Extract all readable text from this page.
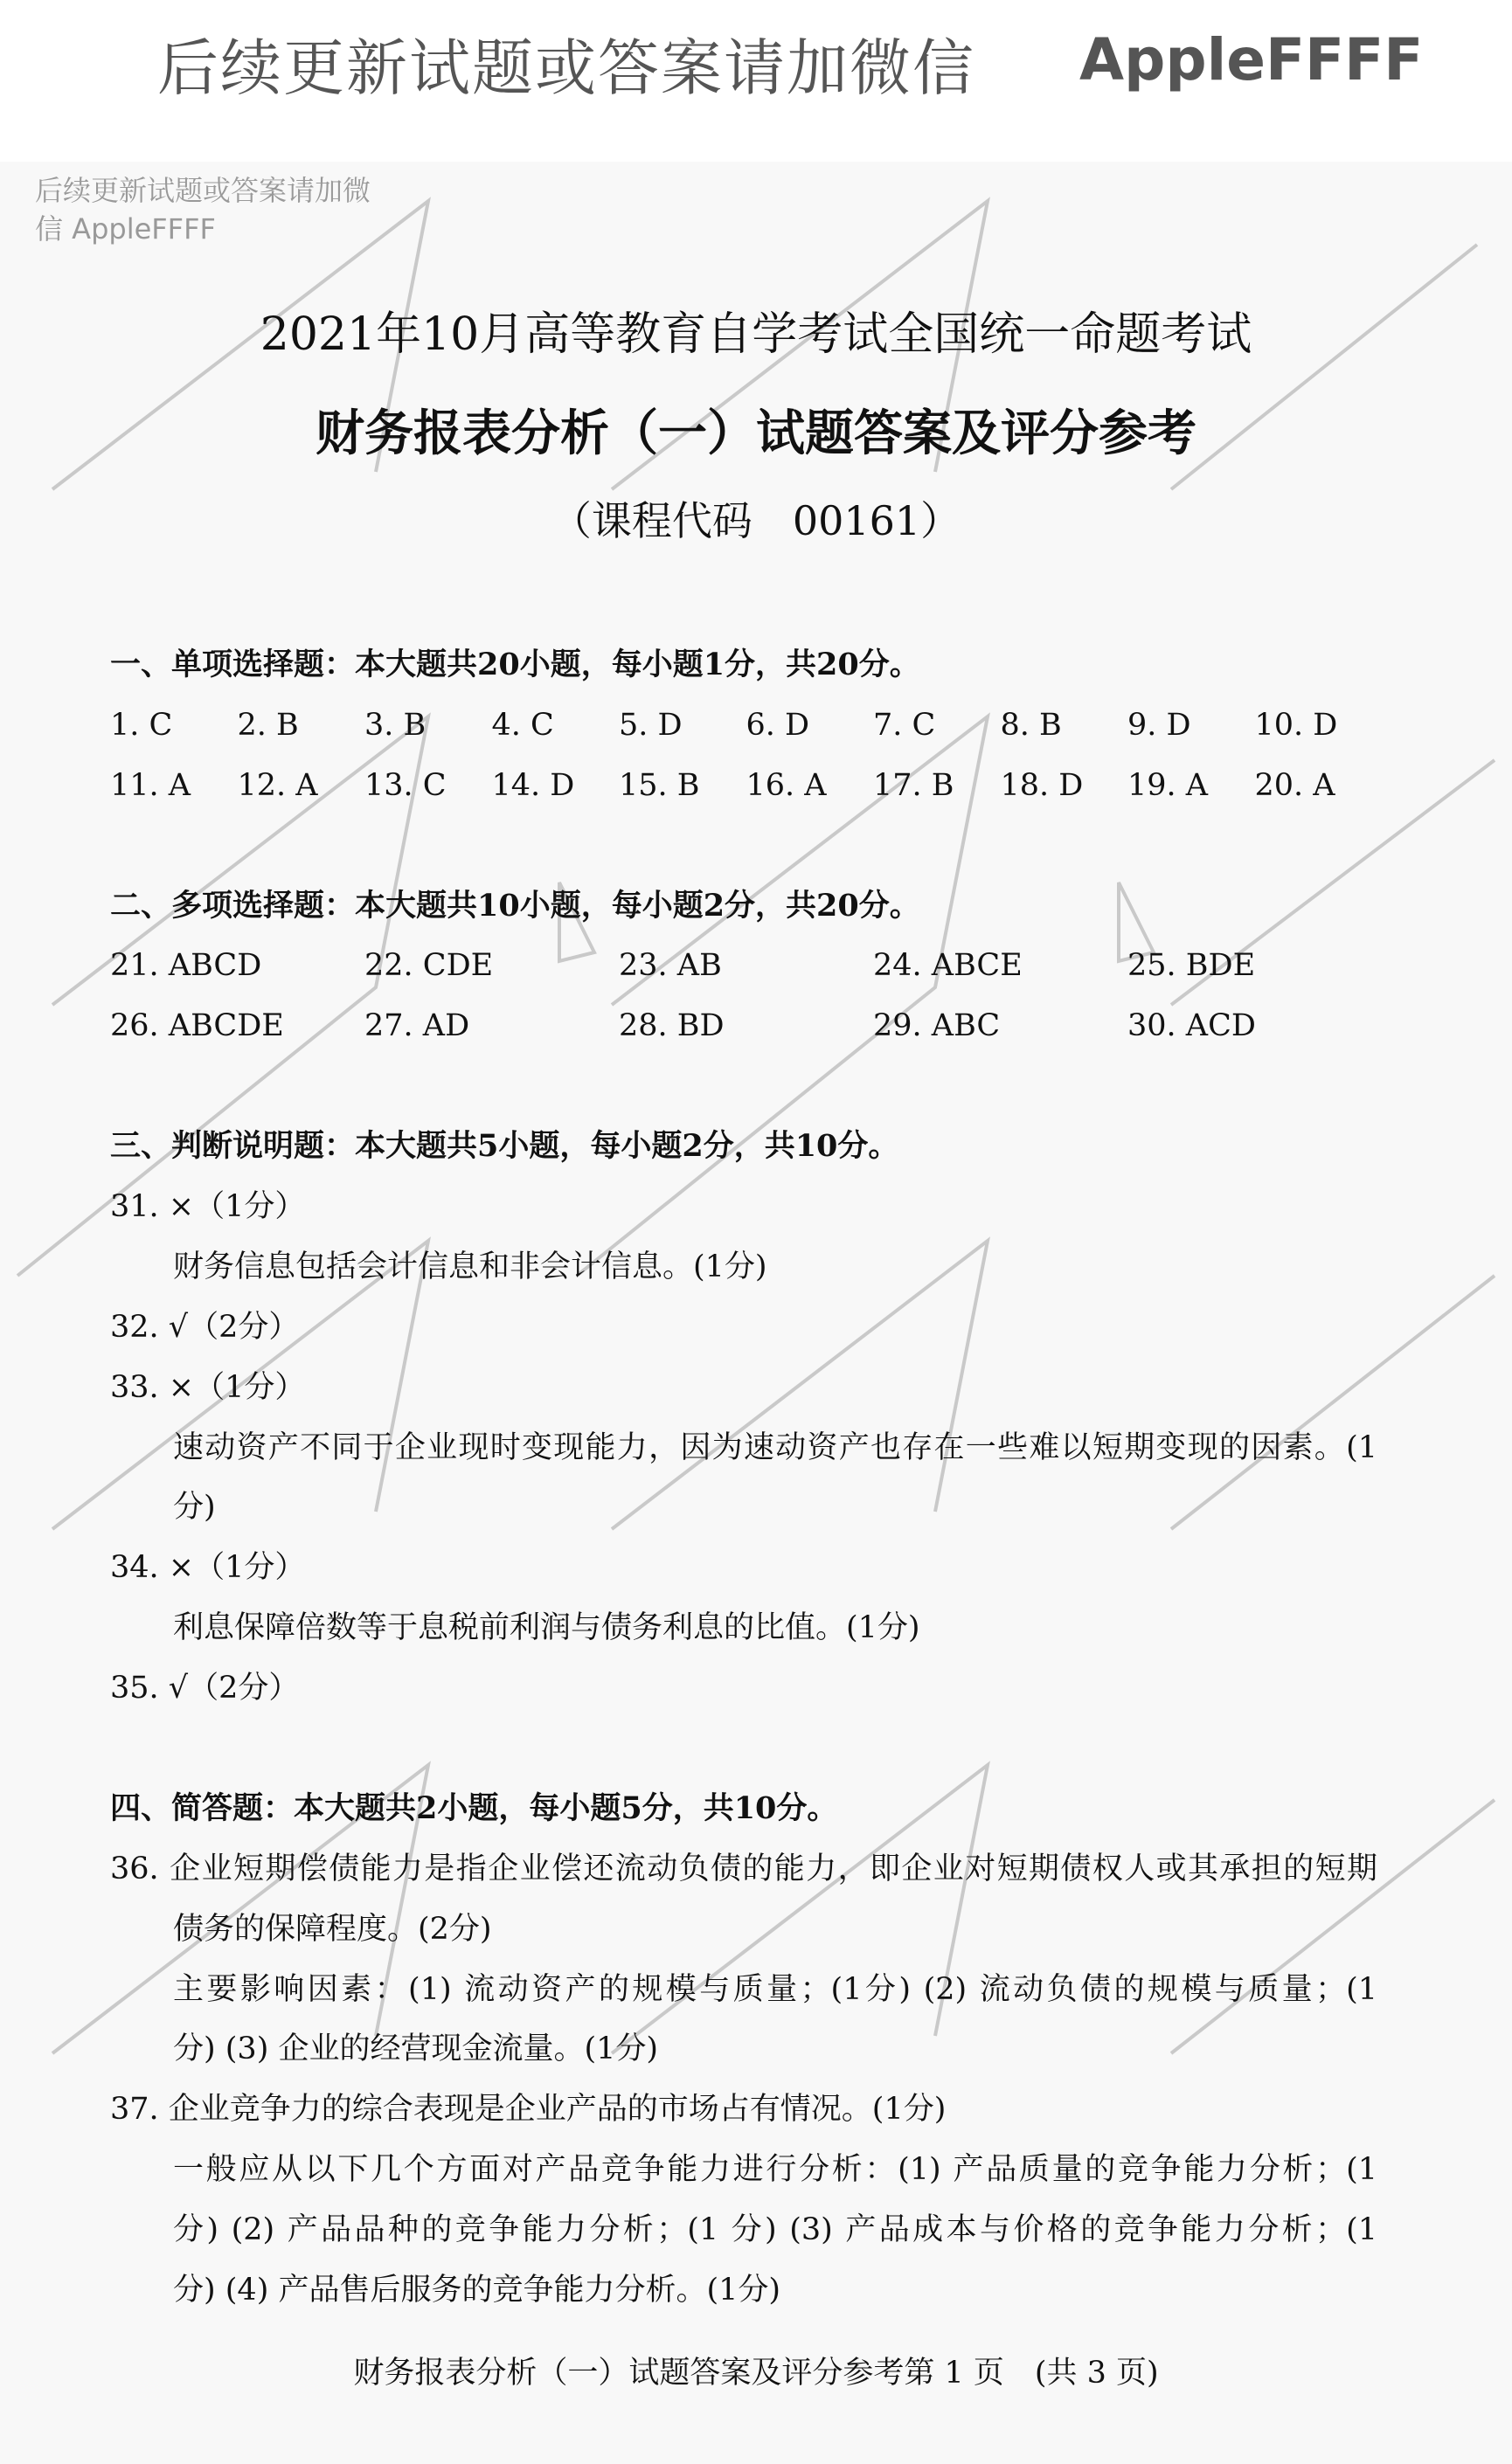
后续更新试题或答案请加微信 AppleFFFF
后续更新试题或答案请加微
信 AppleFFFF
2021年10月高等教育自学考试全国统一命题考试
财务报表分析（一）试题答案及评分参考
（课程代码　00161）
一、单项选择题：本大题共20小题，每小题1分，共20分。
1. C	2. B	3. B	4. C	5. D	6. D	7. C	8. B	9. D	10. D
11. A	12. A	13. C	14. D	15. B	16. A	17. B	18. D	19. A	20. A
二、多项选择题：本大题共10小题，每小题2分，共20分。
21. ABCD	22. CDE	23. AB	24. ABCE	25. BDE
26. ABCDE	27. AD	28. BD	29. ABC	30. ACD
三、判断说明题：本大题共5小题，每小题2分，共10分。
31. ×（1分）
财务信息包括会计信息和非会计信息。(1分)
32. √（2分）
33. ×（1分）
速动资产不同于企业现时变现能力，因为速动资产也存在一些难以短期变现的因素。(1
分)
34. ×（1分）
利息保障倍数等于息税前利润与债务利息的比值。(1分)
35. √（2分）
四、简答题：本大题共2小题，每小题5分，共10分。
36. 企业短期偿债能力是指企业偿还流动负债的能力，即企业对短期债权人或其承担的短期
债务的保障程度。(2分)
主要影响因素：(1) 流动资产的规模与质量；(1分) (2) 流动负债的规模与质量；(1
分) (3) 企业的经营现金流量。(1分)
37. 企业竞争力的综合表现是企业产品的市场占有情况。(1分)
一般应从以下几个方面对产品竞争能力进行分析：(1) 产品质量的竞争能力分析；(1
分) (2) 产品品种的竞争能力分析；(1 分) (3) 产品成本与价格的竞争能力分析；(1
分) (4) 产品售后服务的竞争能力分析。(1分)
财务报表分析（一）试题答案及评分参考第 1 页　(共 3 页)
